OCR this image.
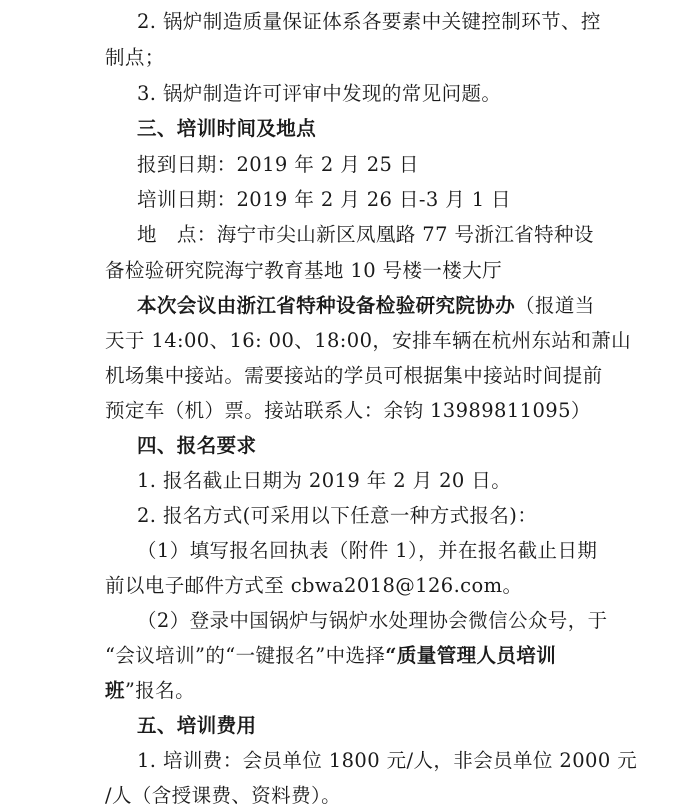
2. 锅炉制造质量保证体系各要素中关键控制环节、控
制点；
3. 锅炉制造许可评审中发现的常见问题。
三、培训时间及地点
报到日期：2019 年 2 月 25 日
培训日期：2019 年 2 月 26 日-3 月 1 日
地 点：海宁市尖山新区凤凰路 77 号浙江省特种设
备检验研究院海宁教育基地 10 号楼一楼大厅
本次会议由浙江省特种设备检验研究院协办（报道当
天于 14:00、16: 00、18:00，安排车辆在杭州东站和萧山
机场集中接站。需要接站的学员可根据集中接站时间提前
预定车（机）票。接站联系人：余钧 13989811095）
四、报名要求
1. 报名截止日期为 2019 年 2 月 20 日。
2. 报名方式(可采用以下任意一种方式报名)：
（1）填写报名回执表（附件 1），并在报名截止日期
前以电子邮件方式至 cbwa2018@126.com。
（2）登录中国锅炉与锅炉水处理协会微信公众号，于
“会议培训”的“一键报名”中选择“质量管理人员培训
班”报名。
五、培训费用
1. 培训费：会员单位 1800 元/人，非会员单位 2000 元
/人（含授课费、资料费）。
